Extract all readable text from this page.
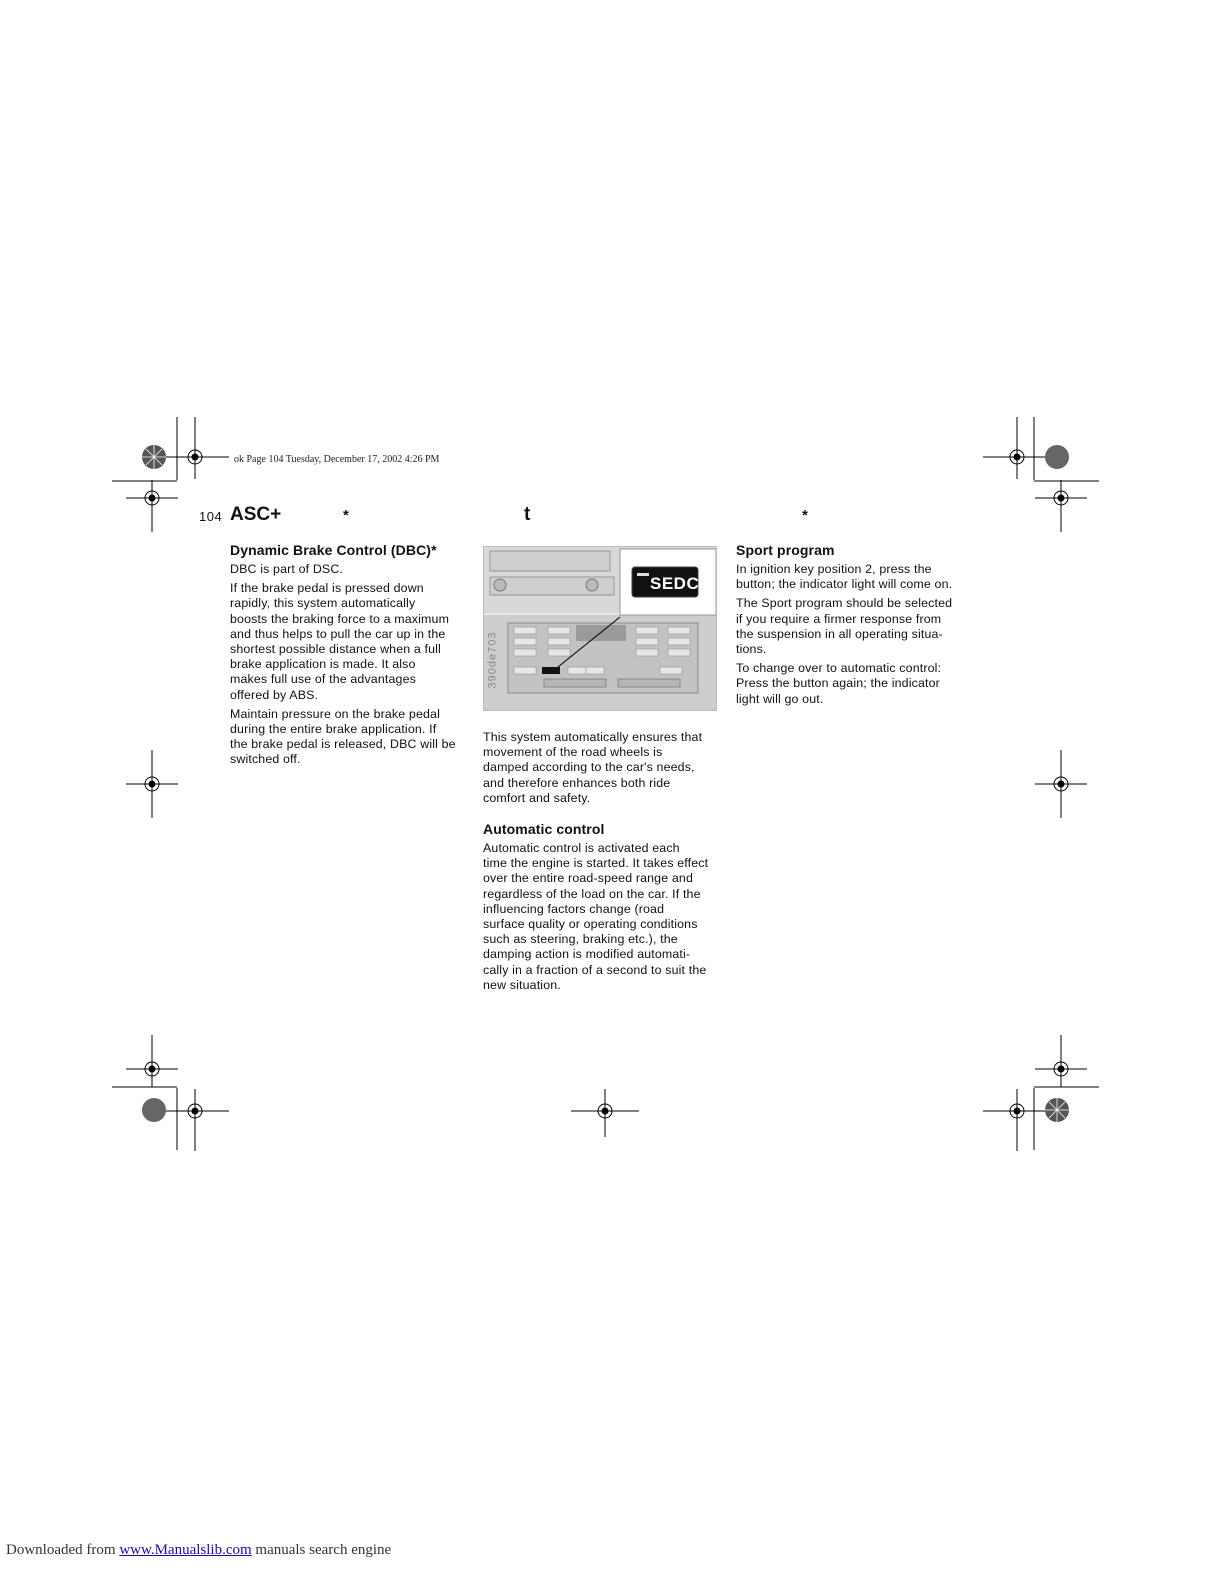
ok Page 104 Tuesday, December 17, 2002 4:26 PM
104 ASC+	*	t	*
Dynamic Brake Control (DBC)*

DBC is part of DSC.

If the brake pedal is pressed down
rapidly, this system automatically
boosts the braking force to a maximum
and thus helps to pull the car up in the
shortest possible distance when a full
brake application is made. It also
makes full use of the advantages
offered by ABS.

Maintain pressure on the brake pedal
during the entire brake application. If
the brake pedal is released, DBC will be
switched off.

SEDC
390de703

This system automatically ensures that
movement of the road wheels is
damped according to the car's needs,
and therefore enhances both ride
comfort and safety.

Automatic control

Automatic control is activated each
time the engine is started. It takes effect
over the entire road-speed range and
regardless of the load on the car. If the
influencing factors change (road
surface quality or operating conditions
such as steering, braking etc.), the
damping action is modified automati-
cally in a fraction of a second to suit the
new situation.

Sport program

In ignition key position 2, press the
button; the indicator light will come on.

The Sport program should be selected
if you require a firmer response from
the suspension in all operating situa-
tions.

To change over to automatic control:
Press the button again; the indicator
light will go out.

Downloaded from www.Manualslib.com manuals search engine
